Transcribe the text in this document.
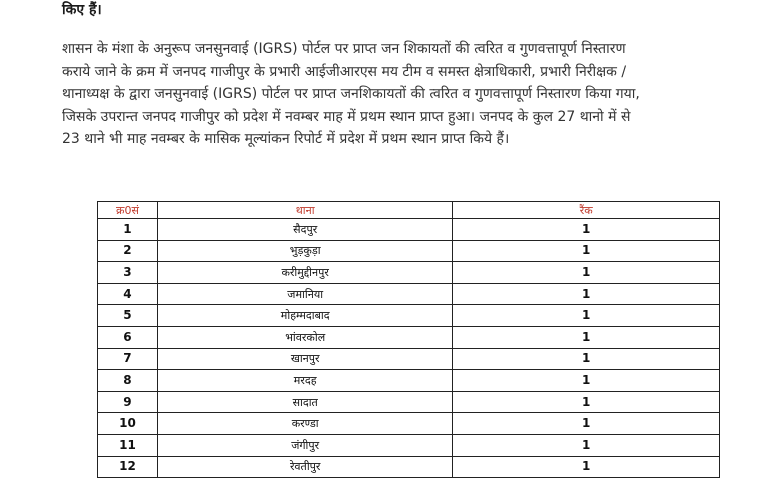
किए हैं।
शासन के मंशा के अनुरूप जनसुनवाई (IGRS) पोर्टल पर प्राप्त जन शिकायतों की त्वरित व गुणवत्तापूर्ण निस्तारण
कराये जाने के क्रम में जनपद गाजीपुर के प्रभारी आईजीआरएस मय टीम व समस्त क्षेत्राधिकारी, प्रभारी निरीक्षक /
थानाध्यक्ष के द्वारा जनसुनवाई (IGRS) पोर्टल पर प्राप्त जनशिकायतों की त्वरित व गुणवत्तापूर्ण निस्तारण किया गया,
जिसके उपरान्त जनपद गाजीपुर को प्रदेश में नवम्बर माह में प्रथम स्थान प्राप्त हुआ। जनपद के कुल 27 थानो में से
23 थाने भी माह नवम्बर के मासिक मूल्यांकन रिपोर्ट में प्रदेश में प्रथम स्थान प्राप्त किये हैं।
क्र0सं	थाना	रैंक
1	सैदपुर	1
2	भुड़कुड़ा	1
3	करीमुद्दीनपुर	1
4	जमानिया	1
5	मोहम्मदाबाद	1
6	भांवरकोल	1
7	खानपुर	1
8	मरदह	1
9	सादात	1
10	करण्डा	1
11	जंगीपुर	1
12	रेवतीपुर	1
